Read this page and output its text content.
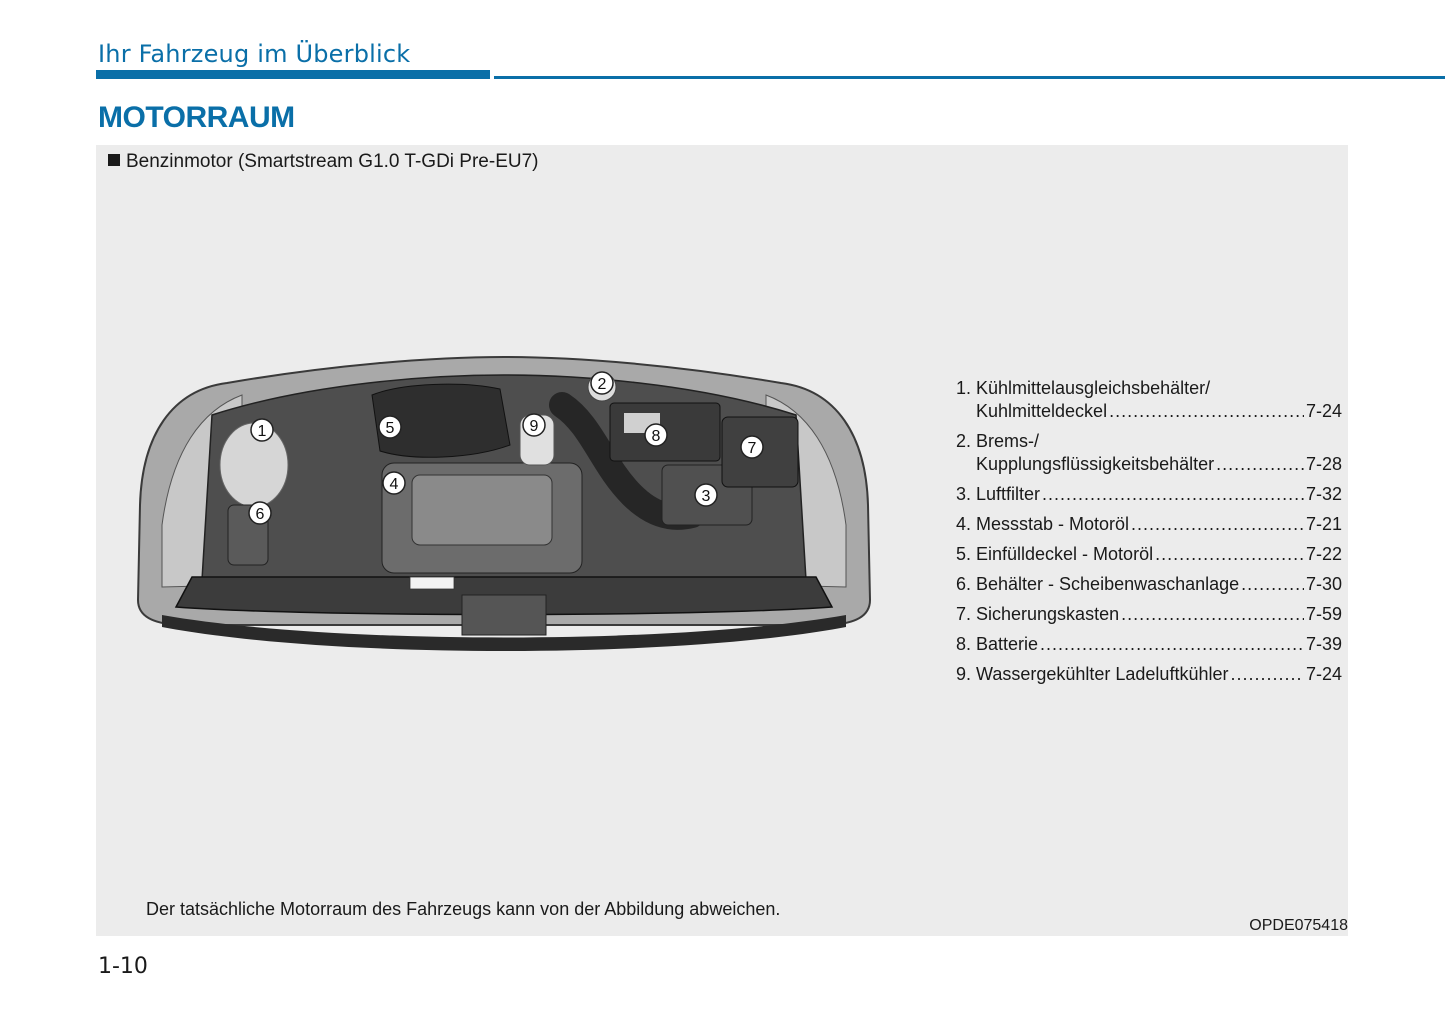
Ihr Fahrzeug im Überblick
MOTORRAUM
Benzinmotor (Smartstream G1.0 T-GDi Pre-EU7)
1
2
3
4
5
6
7
8
9
1. Kühlmittelausgleichsbehälter/
Kuhlmitteldeckel .....	7-24
2. Brems-/
Kupplungsflüssigkeitsbehälter .....	7-28
3. Luftfilter .....	7-32
4. Messstab - Motoröl .....	7-21
5. Einfülldeckel - Motoröl .....	7-22
6. Behälter - Scheibenwaschanlage .....	7-30
7. Sicherungskasten .....	7-59
8. Batterie .....	7-39
9. Wassergekühlter Ladeluftkühler .....	7-24
Der tatsächliche Motorraum des Fahrzeugs kann von der Abbildung abweichen.
OPDE075418
1-10
